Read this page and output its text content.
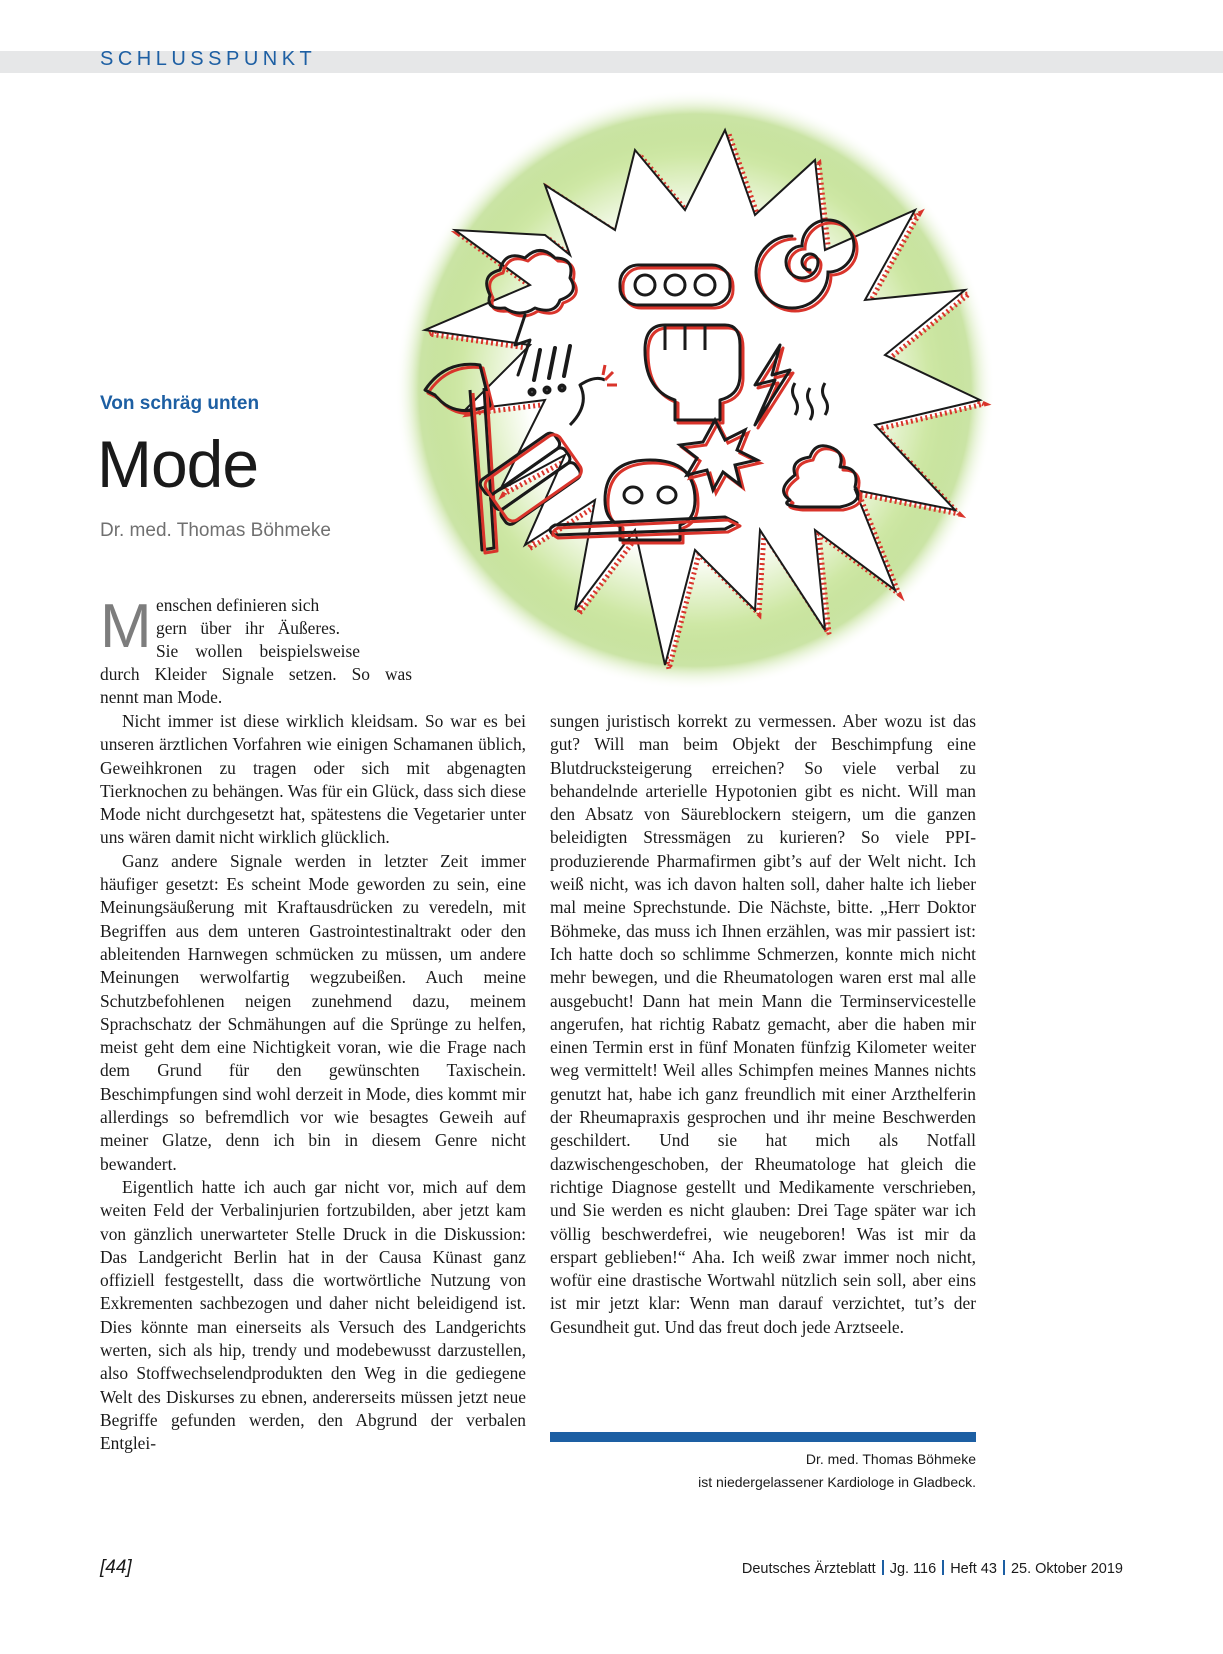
SCHLUSSPUNKT
Von schräg unten
Mode
Dr. med. Thomas Böhmeke
M enschen definieren sich
gern über ihr Äußeres.
Sie wollen beispielsweise
durch Kleider Signale setzen. So was
nennt man Mode.

Nicht immer ist diese wirklich kleidsam. So war es bei unseren ärztlichen Vorfahren wie einigen Schamanen üblich, Geweihkronen zu tragen oder sich mit abgenagten Tierknochen zu behängen. Was für ein Glück, dass sich diese Mode nicht durchgesetzt hat, spätestens die Vegetarier unter uns wären damit nicht wirklich glücklich.

Ganz andere Signale werden in letzter Zeit immer häufiger gesetzt: Es scheint Mode geworden zu sein, eine Meinungsäußerung mit Kraftausdrücken zu veredeln, mit Begriffen aus dem unteren Gastrointestinaltrakt oder den ableitenden Harnwegen schmücken zu müssen, um andere Meinungen werwolfartig wegzubeißen. Auch meine Schutzbefohlenen neigen zunehmend dazu, meinem Sprachschatz der Schmähungen auf die Sprünge zu helfen, meist geht dem eine Nichtigkeit voran, wie die Frage nach dem Grund für den gewünschten Taxischein. Beschimpfungen sind wohl derzeit in Mode, dies kommt mir allerdings so befremdlich vor wie besagtes Geweih auf meiner Glatze, denn ich bin in diesem Genre nicht bewandert.

Eigentlich hatte ich auch gar nicht vor, mich auf dem weiten Feld der Verbalinjurien fortzubilden, aber jetzt kam von gänzlich unerwarteter Stelle Druck in die Diskussion: Das Landgericht Berlin hat in der Causa Künast ganz offiziell festgestellt, dass die wortwörtliche Nutzung von Exkrementen sachbezogen und daher nicht beleidigend ist. Dies könnte man einerseits als Versuch des Landgerichts werten, sich als hip, trendy und modebewusst darzustellen, also Stoffwechselendprodukten den Weg in die gediegene Welt des Diskurses zu ebnen, andererseits müssen jetzt neue Begriffe gefunden werden, den Abgrund der verbalen Entglei-

sungen juristisch korrekt zu vermessen. Aber wozu ist das gut? Will man beim Objekt der Beschimpfung eine Blutdrucksteigerung erreichen? So viele verbal zu behandelnde arterielle Hypotonien gibt es nicht. Will man den Absatz von Säureblockern steigern, um die ganzen beleidigten Stressmägen zu kurieren? So viele PPI-produzierende Pharmafirmen gibt’s auf der Welt nicht. Ich weiß nicht, was ich davon halten soll, daher halte ich lieber mal meine Sprechstunde. Die Nächste, bitte. „Herr Doktor Böhmeke, das muss ich Ihnen erzählen, was mir passiert ist: Ich hatte doch so schlimme Schmerzen, konnte mich nicht mehr bewegen, und die Rheumatologen waren erst mal alle ausgebucht! Dann hat mein Mann die Terminservicestelle angerufen, hat richtig Rabatz gemacht, aber die haben mir einen Termin erst in fünf Monaten fünfzig Kilometer weiter weg vermittelt! Weil alles Schimpfen meines Mannes nichts genutzt hat, habe ich ganz freundlich mit einer Arzthelferin der Rheumapraxis gesprochen und ihr meine Beschwerden geschildert. Und sie hat mich als Notfall dazwischengeschoben, der Rheumatologe hat gleich die richtige Diagnose gestellt und Medikamente verschrieben, und Sie werden es nicht glauben: Drei Tage später war ich völlig beschwerdefrei, wie neugeboren! Was ist mir da erspart geblieben!“ Aha. Ich weiß zwar immer noch nicht, wofür eine drastische Wortwahl nützlich sein soll, aber eins ist mir jetzt klar: Wenn man darauf verzichtet, tut’s der Gesundheit gut. Und das freut doch jede Arztseele.

Dr. med. Thomas Böhmeke
ist niedergelassener Kardiologe in Gladbeck.
[44]	Deutsches Ärzteblatt Jg. 116 Heft 43 25. Oktober 2019
